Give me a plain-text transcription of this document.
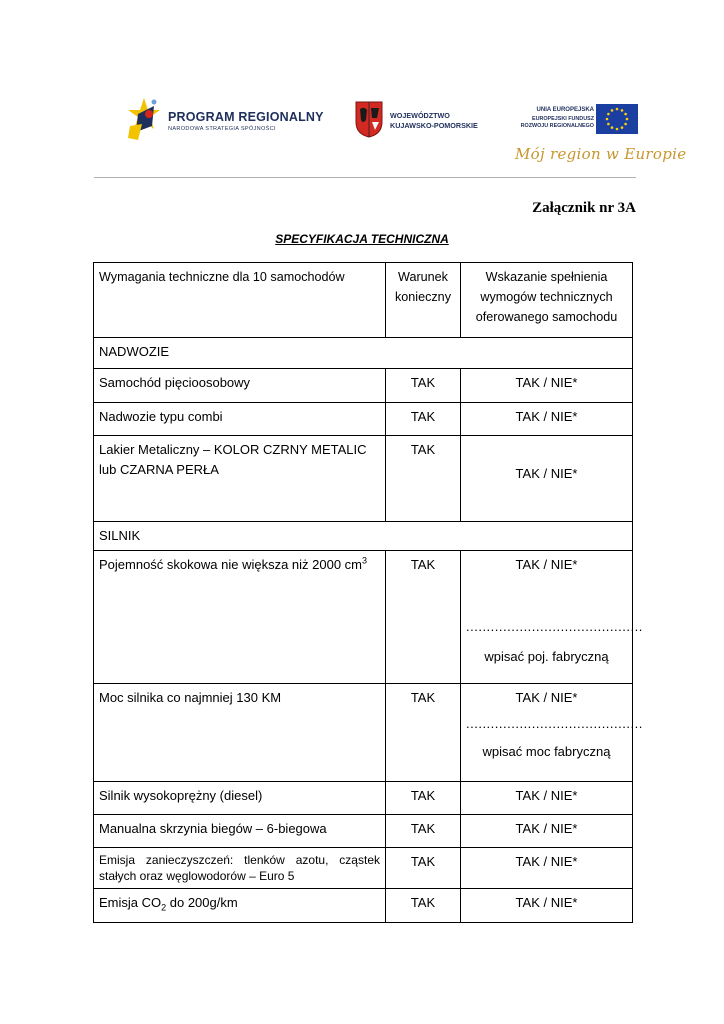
PROGRAM REGIONALNY
NARODOWA STRATEGIA SPÓJNOŚCI
WOJEWÓDZTWO
KUJAWSKO-POMORSKIE
UNIA EUROPEJSKA
EUROPEJSKI FUNDUSZ
ROZWOJU REGIONALNEGO
Mój region w Europie
Załącznik nr 3A
SPECYFIKACJA TECHNICZNA
Wymagania techniczne dla 10 samochodów	Warunek konieczny	Wskazanie spełnienia wymogów technicznych oferowanego samochodu
NADWOZIE		
Samochód pięcioosobowy	TAK	TAK / NIE*
Nadwozie typu combi	TAK	TAK / NIE*
Lakier Metaliczny – KOLOR CZRNY METALIC lub CZARNA PERŁA	TAK	TAK / NIE*
SILNIK		
Pojemność skokowa nie większa niż 2000 $cm^3$	TAK	TAK / NIE*
...........................................
wpisać poj. fabryczną

Moc silnika co najmniej 130 KM	TAK	TAK / NIE*
...........................................
wpisać moc fabryczną

Silnik wysokoprężny (diesel)	TAK	TAK / NIE*
Manualna skrzynia biegów – 6-biegowa	TAK	TAK / NIE*
Emisja zanieczyszczeń: tlenków azotu, cząstek stałych oraz węglowodorów – Euro 5	TAK	TAK / NIE*
Emisja $CO_2$ do 200g/km	TAK	TAK / NIE*
